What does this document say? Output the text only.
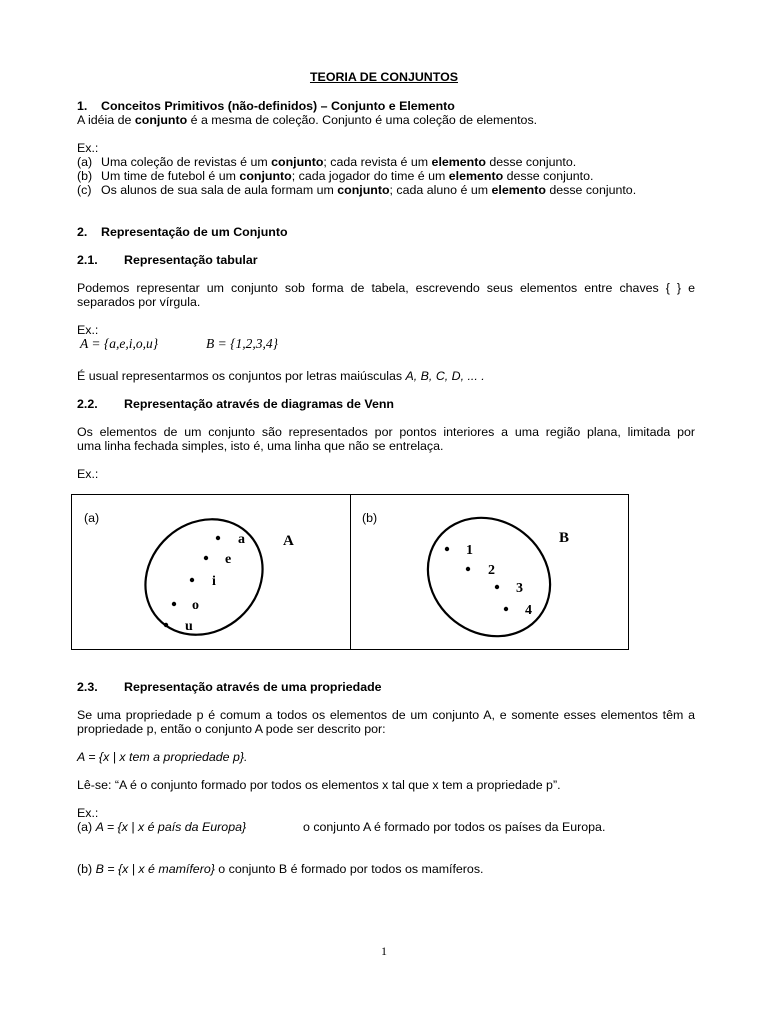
TEORIA DE CONJUNTOS
1. Conceitos Primitivos (não-definidos) – Conjunto e Elemento
A idéia de conjunto é a mesma de coleção. Conjunto é uma coleção de elementos.
Ex.:
(a) Uma coleção de revistas é um conjunto; cada revista é um elemento desse conjunto.
(b) Um time de futebol é um conjunto; cada jogador do time é um elemento desse conjunto.
(c) Os alunos de sua sala de aula formam um conjunto; cada aluno é um elemento desse conjunto.
2. Representação de um Conjunto
2.1. Representação tabular
Podemos representar um conjunto sob forma de tabela, escrevendo seus elementos entre chaves { } e
separados por vírgula.
Ex.:
A = {a,e,i,o,u}	B = {1,2,3,4}
É usual representarmos os conjuntos por letras maiúsculas A, B, C, D, ... .
2.2. Representação através de diagramas de Venn
Os elementos de um conjunto são representados por pontos interiores a uma região plana, limitada por
uma linha fechada simples, isto é, uma linha que não se entrelaça.
Ex.:
(a)	(b)
A
a
e
i
o
u
B
1
2
3
4
2.3. Representação através de uma propriedade
Se uma propriedade p é comum a todos os elementos de um conjunto A, e somente esses elementos têm a
propriedade p, então o conjunto A pode ser descrito por:
A = {x | x tem a propriedade p}.
Lê-se: “A é o conjunto formado por todos os elementos x tal que x tem a propriedade p”.
Ex.:
(a) A = {x | x é país da Europa}	o conjunto A é formado por todos os países da Europa.
(b) B = {x | x é mamífero} o conjunto B é formado por todos os mamíferos.
1
